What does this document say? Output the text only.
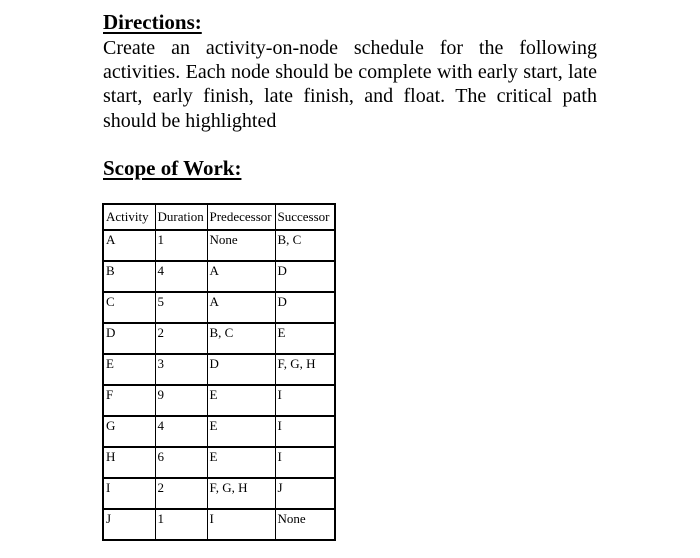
Directions:

Create an activity-on-node schedule for the following activities. Each node should be complete with early start, late start, early finish, late finish, and float. The critical path should be highlighted

Scope of Work:
Activity	Duration	Predecessor	Successor
A	1	None	B, C
B	4	A	D
C	5	A	D
D	2	B, C	E
E	3	D	F, G, H
F	9	E	I
G	4	E	I
H	6	E	I
I	2	F, G, H	J
J	1	I	None
